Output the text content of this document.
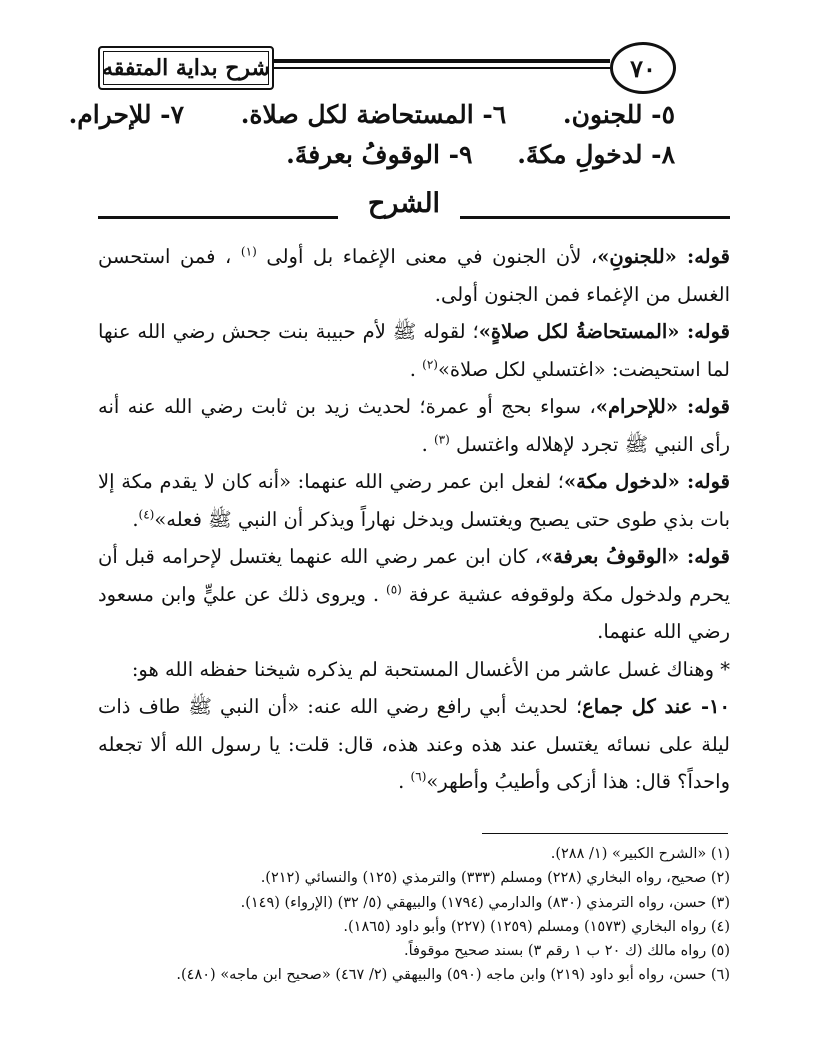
شرح بداية المتفقه	٧٠
٥- للجنون. ٦- المستحاضة لكل صلاة. ٧- للإحرام.
٨- لدخولِ مكةَ. ٩- الوقوفُ بعرفةَ.
الشرح

قوله: «للجنونِ»، لأن الجنون في معنى الإغماء بل أولى $^{(١)}$ ، فمن استحسن الغسل من الإغماء فمن الجنون أولى.

قوله: «المستحاضةُ لكل صلاةٍ»؛ لقوله ﷺ لأم حبيبة بنت جحش رضي الله عنها لما استحيضت: «اغتسلي لكل صلاة»$^{(٢)}$ .

قوله: «للإحرام»، سواء بحج أو عمرة؛ لحديث زيد بن ثابت رضي الله عنه أنه رأى النبي ﷺ تجرد لإهلاله واغتسل $^{(٣)}$ .

قوله: «لدخول مكة»؛ لفعل ابن عمر رضي الله عنهما: «أنه كان لا يقدم مكة إلا بات بذي طوى حتى يصبح ويغتسل ويدخل نهاراً ويذكر أن النبي ﷺ فعله»$^{(٤)}$.

قوله: «الوقوفُ بعرفة»، كان ابن عمر رضي الله عنهما يغتسل لإحرامه قبل أن يحرم ولدخول مكة ولوقوفه عشية عرفة $^{(٥)}$ . ويروى ذلك عن عليٍّ وابن مسعود رضي الله عنهما.

* وهناك غسل عاشر من الأغسال المستحبة لم يذكره شيخنا حفظه الله هو:

١٠- عند كل جماع؛ لحديث أبي رافع رضي الله عنه: «أن النبي ﷺ طاف ذات ليلة على نسائه يغتسل عند هذه وعند هذه، قال: قلت: يا رسول الله ألا تجعله واحداً؟ قال: هذا أزكى وأطيبُ وأطهر»$^{(٦)}$ .

(١) «الشرح الكبير» (١/ ٢٨٨).
(٢) صحيح، رواه البخاري (٢٢٨) ومسلم (٣٣٣) والترمذي (١٢٥) والنسائي (٢١٢).
(٣) حسن، رواه الترمذي (٨٣٠) والدارمي (١٧٩٤) والبيهقي (٥/ ٣٢) (الإرواء) (١٤٩).
(٤) رواه البخاري (١٥٧٣) ومسلم (١٢٥٩) (٢٢٧) وأبو داود (١٨٦٥).
(٥) رواه مالك (ك ٢٠ ب ١ رقم ٣) بسند صحيح موقوفاً.
(٦) حسن، رواه أبو داود (٢١٩) وابن ماجه (٥٩٠) والبيهقي (٢/ ٤٦٧) «صحيح ابن ماجه» (٤٨٠).
